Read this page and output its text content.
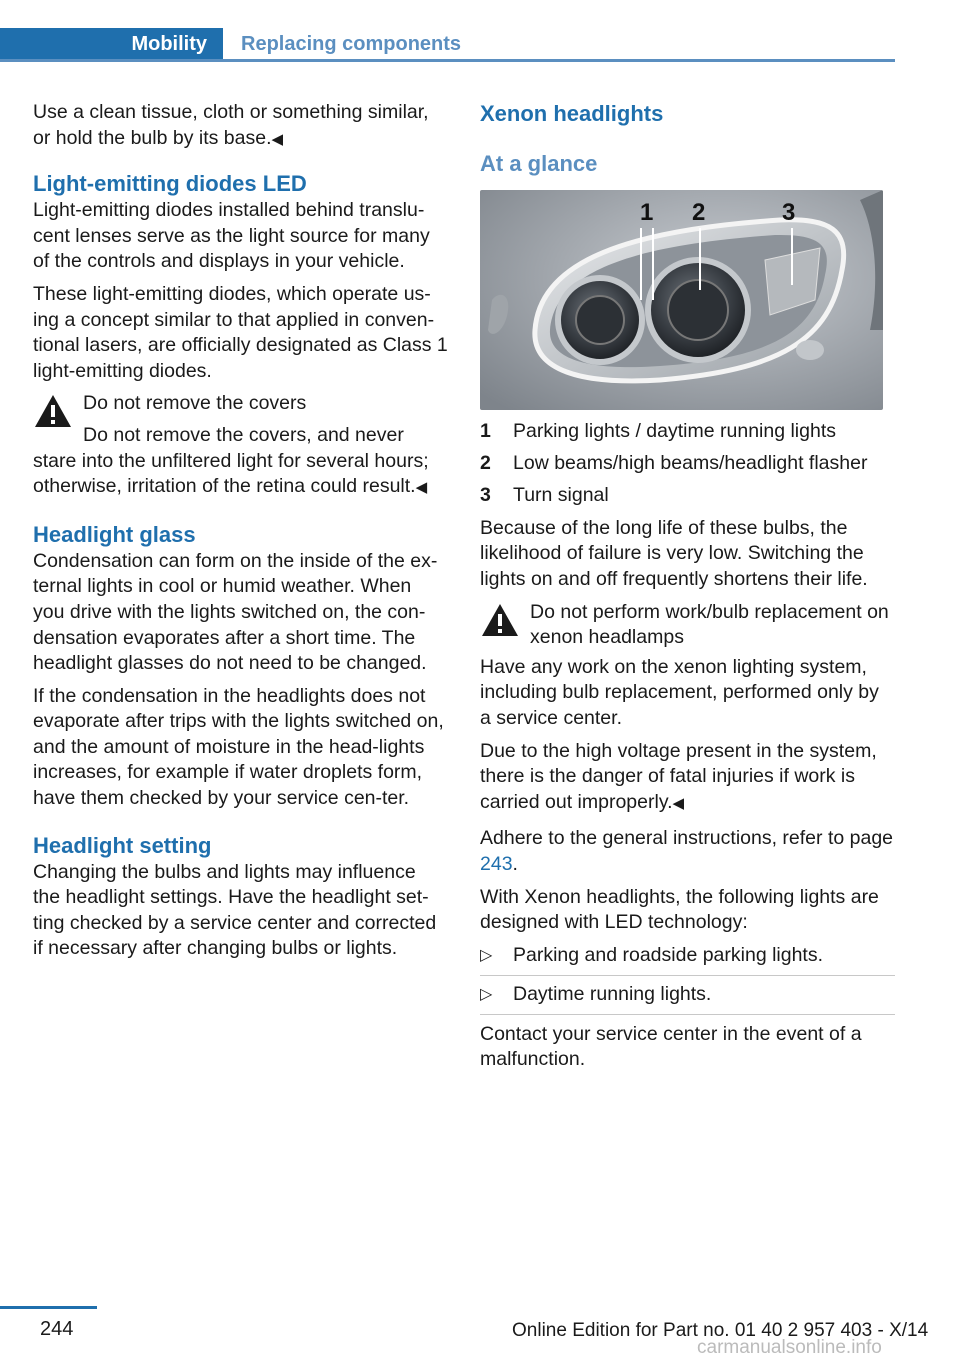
Mobility	Replacing components

Use a clean tissue, cloth or something similar, or hold the bulb by its base.◀

Light-emitting diodes LED

Light-emitting diodes installed behind translu-cent lenses serve as the light source for many of the controls and displays in your vehicle.

These light-emitting diodes, which operate us-ing a concept similar to that applied in conven-tional lasers, are officially designated as Class 1 light-emitting diodes.

Do not remove the covers
Do not remove the covers, and never
stare into the unfiltered light for several hours; otherwise, irritation of the retina could result.◀
Headlight glass

Condensation can form on the inside of the ex-ternal lights in cool or humid weather. When you drive with the lights switched on, the con-densation evaporates after a short time. The headlight glasses do not need to be changed.

If the condensation in the headlights does not evaporate after trips with the lights switched on, and the amount of moisture in the head-lights increases, for example if water droplets form, have them checked by your service cen-ter.

Headlight setting

Changing the bulbs and lights may influence the headlight settings. Have the headlight set-ting checked by a service center and corrected if necessary after changing bulbs or lights.

Xenon headlights
At a glance
1 2	3
1	Parking lights / daytime running lights
2	Low beams/high beams/headlight flasher
3	Turn signal

Because of the long life of these bulbs, the likelihood of failure is very low. Switching the lights on and off frequently shortens their life.

Do not perform work/bulb replacement on xenon headlamps

Have any work on the xenon lighting system, including bulb replacement, performed only by a service center.

Due to the high voltage present in the system, there is the danger of fatal injuries if work is carried out improperly.◀

Adhere to the general instructions, refer to page 243.

With Xenon headlights, the following lights are designed with LED technology:

▷	Parking and roadside parking lights.
▷	Daytime running lights.

Contact your service center in the event of a malfunction.

244	Online Edition for Part no. 01 40 2 957 403 - X/14
carmanualsonline.info
